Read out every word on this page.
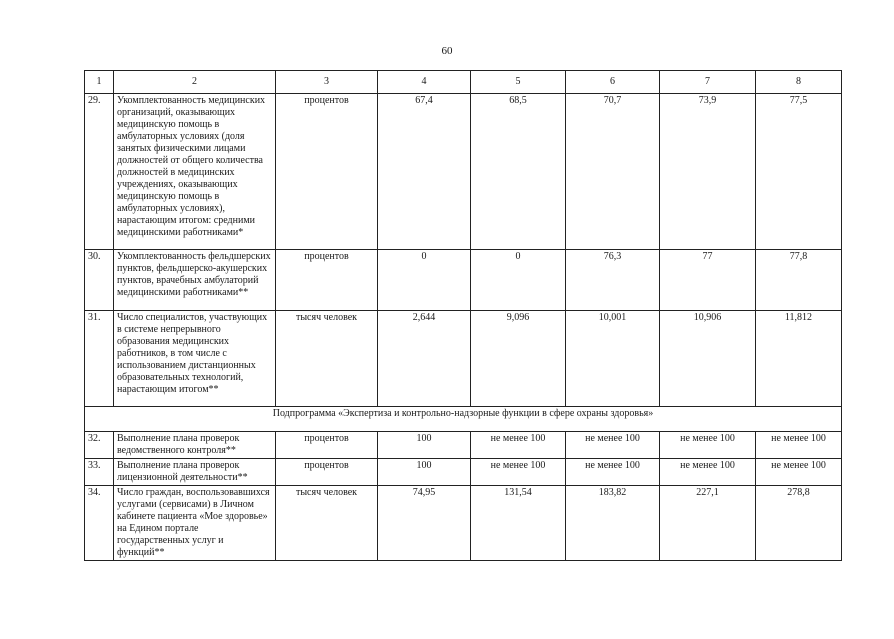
60
1	2	3	4	5	6	7	8
29.	Укомплектованность медицинских организаций, оказывающих медицинскую помощь в амбулаторных условиях (доля занятых физическими лицами должностей от общего количества должностей в медицинских учреждениях, оказывающих медицинскую помощь в амбулаторных условиях), нарастающим итогом: средними медицинскими работниками*	процентов	67,4	68,5	70,7	73,9	77,5
30.	Укомплектованность фельдшерских пунктов, фельдшерско-акушерских пунктов, врачебных амбулаторий медицинскими работниками**	процентов	0	0	76,3	77	77,8
31.	Число специалистов, участвующих в системе непрерывного образования медицинских работников, в том числе с использованием дистанционных образовательных технологий, нарастающим итогом**	тысяч человек	2,644	9,096	10,001	10,906	11,812
Подпрограмма «Экспертиза и контрольно-надзорные функции в сфере охраны здоровья»							
32.	Выполнение плана проверок ведомственного контроля**	процентов	100	не менее 100	не менее 100	не менее 100	не менее 100
33.	Выполнение плана проверок лицензионной деятельности**	процентов	100	не менее 100	не менее 100	не менее 100	не менее 100
34.	Число граждан, воспользовавшихся услугами (сервисами) в Личном кабинете пациента «Мое здоровье» на Едином портале государственных услуг и функций**	тысяч человек	74,95	131,54	183,82	227,1	278,8
